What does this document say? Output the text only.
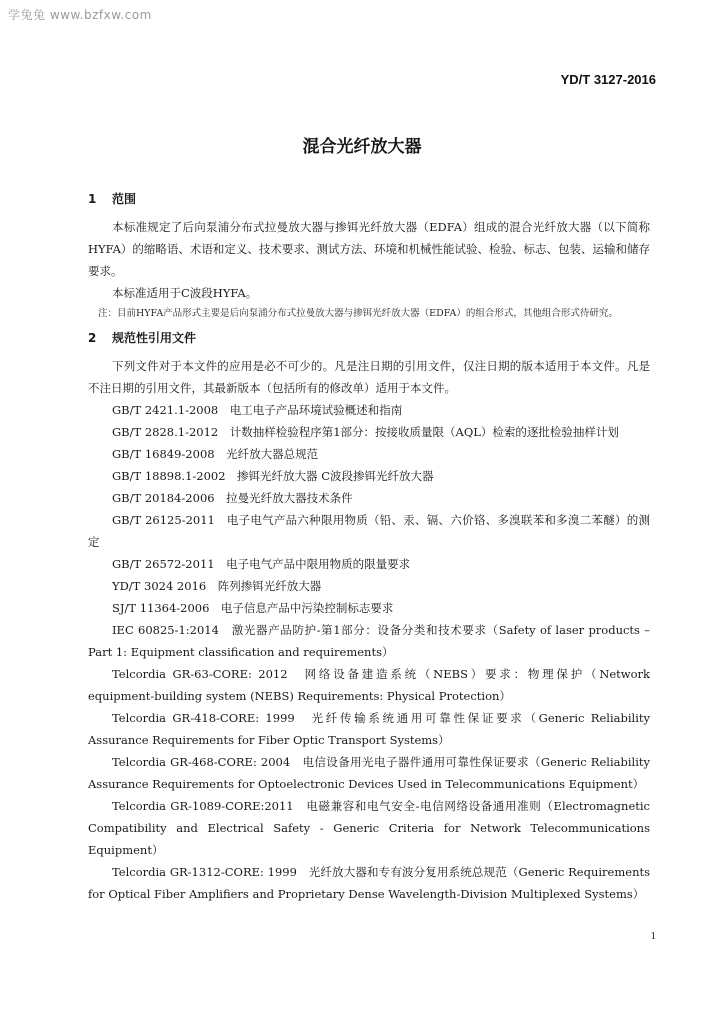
学兔兔 www.bzfxw.com
YD/T 3127-2016
混合光纤放大器
1 范围

本标准规定了后向泵浦分布式拉曼放大器与掺铒光纤放大器（EDFA）组成的混合光纤放大器（以下简称HYFA）的缩略语、术语和定义、技术要求、测试方法、环境和机械性能试验、检验、标志、包装、运输和储存要求。

本标准适用于C波段HYFA。

注：目前HYFA产品形式主要是后向泵浦分布式拉曼放大器与掺铒光纤放大器（EDFA）的组合形式，其他组合形式待研究。

2 规范性引用文件

下列文件对于本文件的应用是必不可少的。凡是注日期的引用文件，仅注日期的版本适用于本文件。凡是不注日期的引用文件，其最新版本（包括所有的修改单）适用于本文件。

GB/T 2421.1-2008　电工电子产品环境试验概述和指南

GB/T 2828.1-2012　计数抽样检验程序第1部分：按接收质量限（AQL）检索的逐批检验抽样计划

GB/T 16849-2008　光纤放大器总规范

GB/T 18898.1-2002　掺铒光纤放大器 C波段掺铒光纤放大器

GB/T 20184-2006　拉曼光纤放大器技术条件

GB/T 26125-2011　电子电气产品六种限用物质（铅、汞、镉、六价铬、多溴联苯和多溴二苯醚）的测定

GB/T 26572-2011　电子电气产品中限用物质的限量要求

YD/T 3024 2016　阵列掺铒光纤放大器

SJ/T 11364-2006　电子信息产品中污染控制标志要求

IEC 60825-1:2014　激光器产品防护-第1部分：设备分类和技术要求（Safety of laser products – Part 1: Equipment classification and requirements）

Telcordia GR-63-CORE: 2012　网络设备建造系统（NEBS）要求：物理保护（Network equipment-building system (NEBS) Requirements: Physical Protection）

Telcordia GR-418-CORE: 1999　光纤传输系统通用可靠性保证要求（Generic Reliability Assurance Requirements for Fiber Optic Transport Systems）

Telcordia GR-468-CORE: 2004　电信设备用光电子器件通用可靠性保证要求（Generic Reliability Assurance Requirements for Optoelectronic Devices Used in Telecommunications Equipment）

Telcordia GR-1089-CORE:2011　电磁兼容和电气安全-电信网络设备通用准则（Electromagnetic Compatibility and Electrical Safety - Generic Criteria for Network Telecommunications Equipment）

Telcordia GR-1312-CORE: 1999　光纤放大器和专有波分复用系统总规范（Generic Requirements for Optical Fiber Amplifiers and Proprietary Dense Wavelength-Division Multiplexed Systems）

1
